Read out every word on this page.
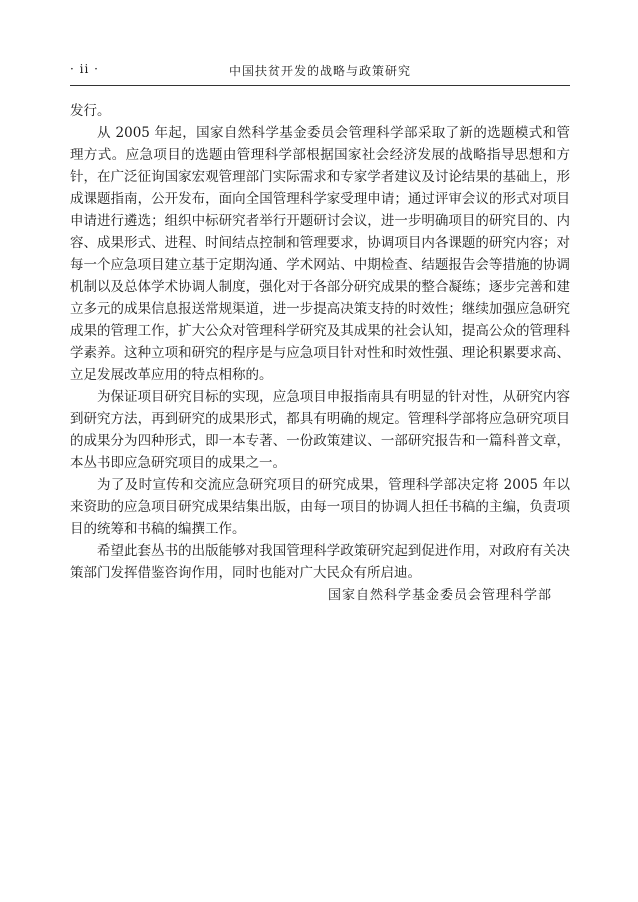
· ii ·	中国扶贫开发的战略与政策研究

发行。

从 2005 年起，国家自然科学基金委员会管理科学部采取了新的选题模式和管理方式。应急项目的选题由管理科学部根据国家社会经济发展的战略指导思想和方针，在广泛征询国家宏观管理部门实际需求和专家学者建议及讨论结果的基础上，形成课题指南，公开发布，面向全国管理科学家受理申请；通过评审会议的形式对项目申请进行遴选；组织中标研究者举行开题研讨会议，进一步明确项目的研究目的、内容、成果形式、进程、时间结点控制和管理要求，协调项目内各课题的研究内容；对每一个应急项目建立基于定期沟通、学术网站、中期检查、结题报告会等措施的协调机制以及总体学术协调人制度，强化对于各部分研究成果的整合凝练；逐步完善和建立多元的成果信息报送常规渠道，进一步提高决策支持的时效性；继续加强应急研究成果的管理工作，扩大公众对管理科学研究及其成果的社会认知，提高公众的管理科学素养。这种立项和研究的程序是与应急项目针对性和时效性强、理论积累要求高、立足发展改革应用的特点相称的。

为保证项目研究目标的实现，应急项目申报指南具有明显的针对性，从研究内容到研究方法，再到研究的成果形式，都具有明确的规定。管理科学部将应急研究项目的成果分为四种形式，即一本专著、一份政策建议、一部研究报告和一篇科普文章，本丛书即应急研究项目的成果之一。

为了及时宣传和交流应急研究项目的研究成果，管理科学部决定将 2005 年以来资助的应急项目研究成果结集出版，由每一项目的协调人担任书稿的主编，负责项目的统筹和书稿的编撰工作。

希望此套丛书的出版能够对我国管理科学政策研究起到促进作用，对政府有关决策部门发挥借鉴咨询作用，同时也能对广大民众有所启迪。

国家自然科学基金委员会管理科学部
